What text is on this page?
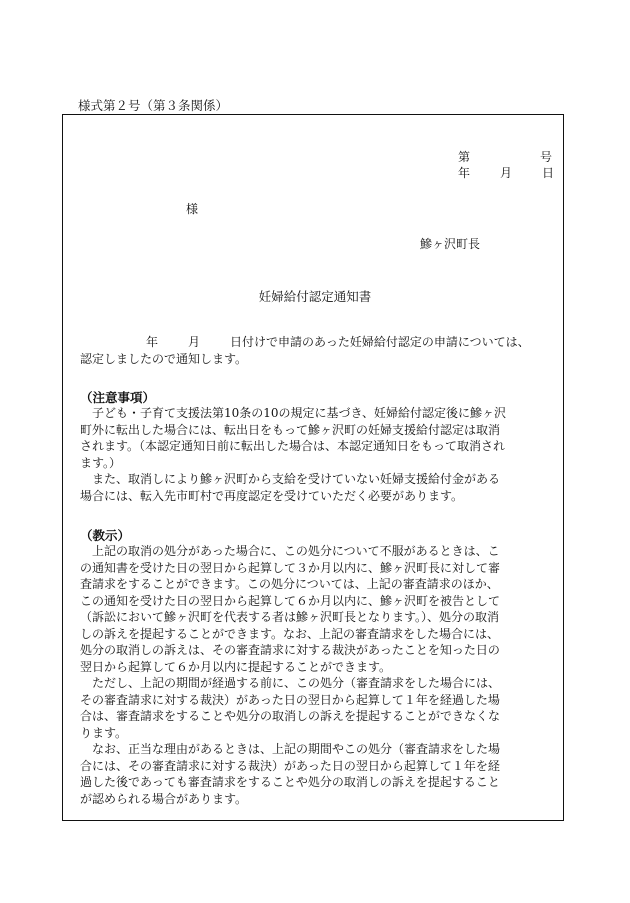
様式第２号（第３条関係）
第	号
年	月	日
様
鰺ヶ沢町長
妊婦給付認定通知書
年	月	日付けで申請のあった妊婦給付認定の申請については、
認定しましたので通知します。
（注意事項）
子ども・子育て支援法第10条の10の規定に基づき、妊婦給付認定後に鰺ヶ沢
町外に転出した場合には、転出日をもって鰺ヶ沢町の妊婦支援給付認定は取消
されます。（本認定通知日前に転出した場合は、本認定通知日をもって取消され
ます。）
また、取消しにより鰺ヶ沢町から支給を受けていない妊婦支援給付金がある
場合には、転入先市町村で再度認定を受けていただく必要があります。
（教示）
上記の取消の処分があった場合に、この処分について不服があるときは、こ
の通知書を受けた日の翌日から起算して３か月以内に、鰺ヶ沢町長に対して審
査請求をすることができます。この処分については、上記の審査請求のほか、
この通知を受けた日の翌日から起算して６か月以内に、鰺ヶ沢町を被告として
（訴訟において鰺ヶ沢町を代表する者は鰺ヶ沢町長となります。）、処分の取消
しの訴えを提起することができます。なお、上記の審査請求をした場合には、
処分の取消しの訴えは、その審査請求に対する裁決があったことを知った日の
翌日から起算して６か月以内に提起することができます。
ただし、上記の期間が経過する前に、この処分（審査請求をした場合には、
その審査請求に対する裁決）があった日の翌日から起算して１年を経過した場
合は、審査請求をすることや処分の取消しの訴えを提起することができなくな
ります。
なお、正当な理由があるときは、上記の期間やこの処分（審査請求をした場
合には、その審査請求に対する裁決）があった日の翌日から起算して１年を経
過した後であっても審査請求をすることや処分の取消しの訴えを提起すること
が認められる場合があります。
